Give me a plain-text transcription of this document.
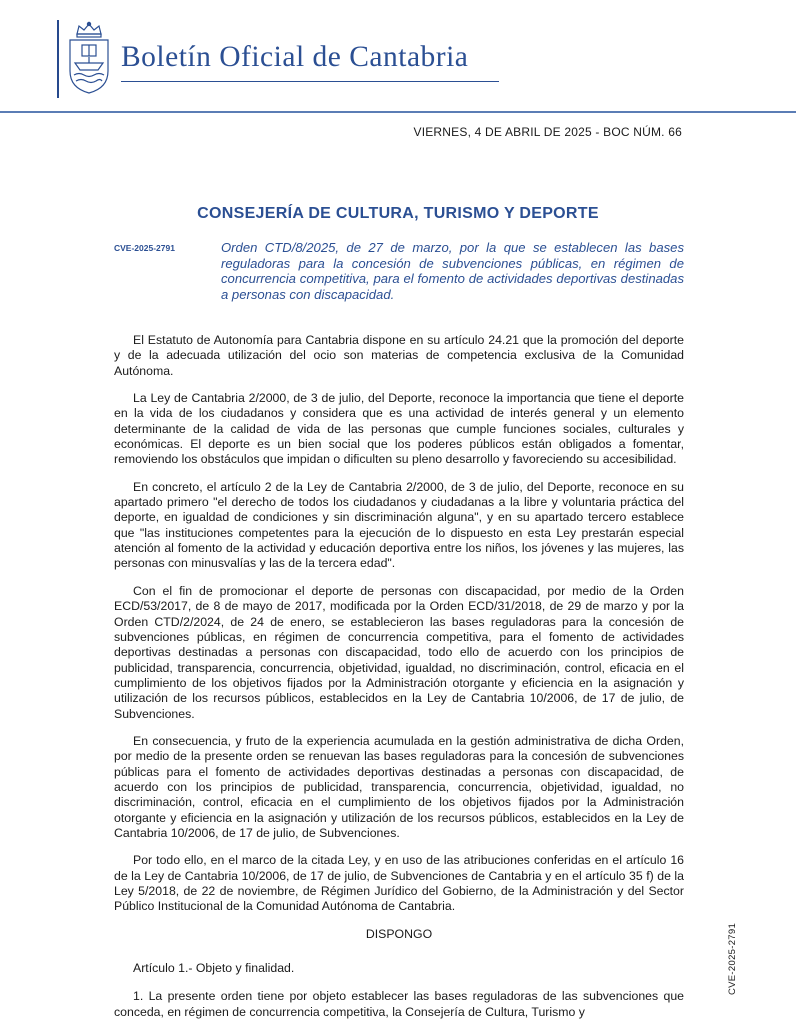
Boletín Oficial de Cantabria
VIERNES, 4 DE ABRIL DE 2025 - BOC NÚM. 66
CONSEJERÍA DE CULTURA, TURISMO Y DEPORTE
CVE-2025-2791	Orden CTD/8/2025, de 27 de marzo, por la que se establecen las bases reguladoras para la concesión de subvenciones públicas, en régimen de concurrencia competitiva, para el fomento de actividades deportivas destinadas a personas con discapacidad.

El Estatuto de Autonomía para Cantabria dispone en su artículo 24.21 que la promoción del deporte y de la adecuada utilización del ocio son materias de competencia exclusiva de la Comunidad Autónoma.

La Ley de Cantabria 2/2000, de 3 de julio, del Deporte, reconoce la importancia que tiene el deporte en la vida de los ciudadanos y considera que es una actividad de interés general y un elemento determinante de la calidad de vida de las personas que cumple funciones sociales, culturales y económicas. El deporte es un bien social que los poderes públicos están obligados a fomentar, removiendo los obstáculos que impidan o dificulten su pleno desarrollo y favoreciendo su accesibilidad.

En concreto, el artículo 2 de la Ley de Cantabria 2/2000, de 3 de julio, del Deporte, reconoce en su apartado primero "el derecho de todos los ciudadanos y ciudadanas a la libre y voluntaria práctica del deporte, en igualdad de condiciones y sin discriminación alguna", y en su apartado tercero establece que "las instituciones competentes para la ejecución de lo dispuesto en esta Ley prestarán especial atención al fomento de la actividad y educación deportiva entre los niños, los jóvenes y las mujeres, las personas con minusvalías y las de la tercera edad".

Con el fin de promocionar el deporte de personas con discapacidad, por medio de la Orden ECD/53/2017, de 8 de mayo de 2017, modificada por la Orden ECD/31/2018, de 29 de marzo y por la Orden CTD/2/2024, de 24 de enero, se establecieron las bases reguladoras para la concesión de subvenciones públicas, en régimen de concurrencia competitiva, para el fomento de actividades deportivas destinadas a personas con discapacidad, todo ello de acuerdo con los principios de publicidad, transparencia, concurrencia, objetividad, igualdad, no discriminación, control, eficacia en el cumplimiento de los objetivos fijados por la Administración otorgante y eficiencia en la asignación y utilización de los recursos públicos, establecidos en la Ley de Cantabria 10/2006, de 17 de julio, de Subvenciones.

En consecuencia, y fruto de la experiencia acumulada en la gestión administrativa de dicha Orden, por medio de la presente orden se renuevan las bases reguladoras para la concesión de subvenciones públicas para el fomento de actividades deportivas destinadas a personas con discapacidad, de acuerdo con los principios de publicidad, transparencia, concurrencia, objetividad, igualdad, no discriminación, control, eficacia en el cumplimiento de los objetivos fijados por la Administración otorgante y eficiencia en la asignación y utilización de los recursos públicos, establecidos en la Ley de Cantabria 10/2006, de 17 de julio, de Subvenciones.

Por todo ello, en el marco de la citada Ley, y en uso de las atribuciones conferidas en el artículo 16 de la Ley de Cantabria 10/2006, de 17 de julio, de Subvenciones de Cantabria y en el artículo 35 f) de la Ley 5/2018, de 22 de noviembre, de Régimen Jurídico del Gobierno, de la Administración y del Sector Público Institucional de la Comunidad Autónoma de Cantabria.

DISPONGO

Artículo 1.- Objeto y finalidad.

1. La presente orden tiene por objeto establecer las bases reguladoras de las subvenciones que conceda, en régimen de concurrencia competitiva, la Consejería de Cultura, Turismo y

CVE-2025-2791
